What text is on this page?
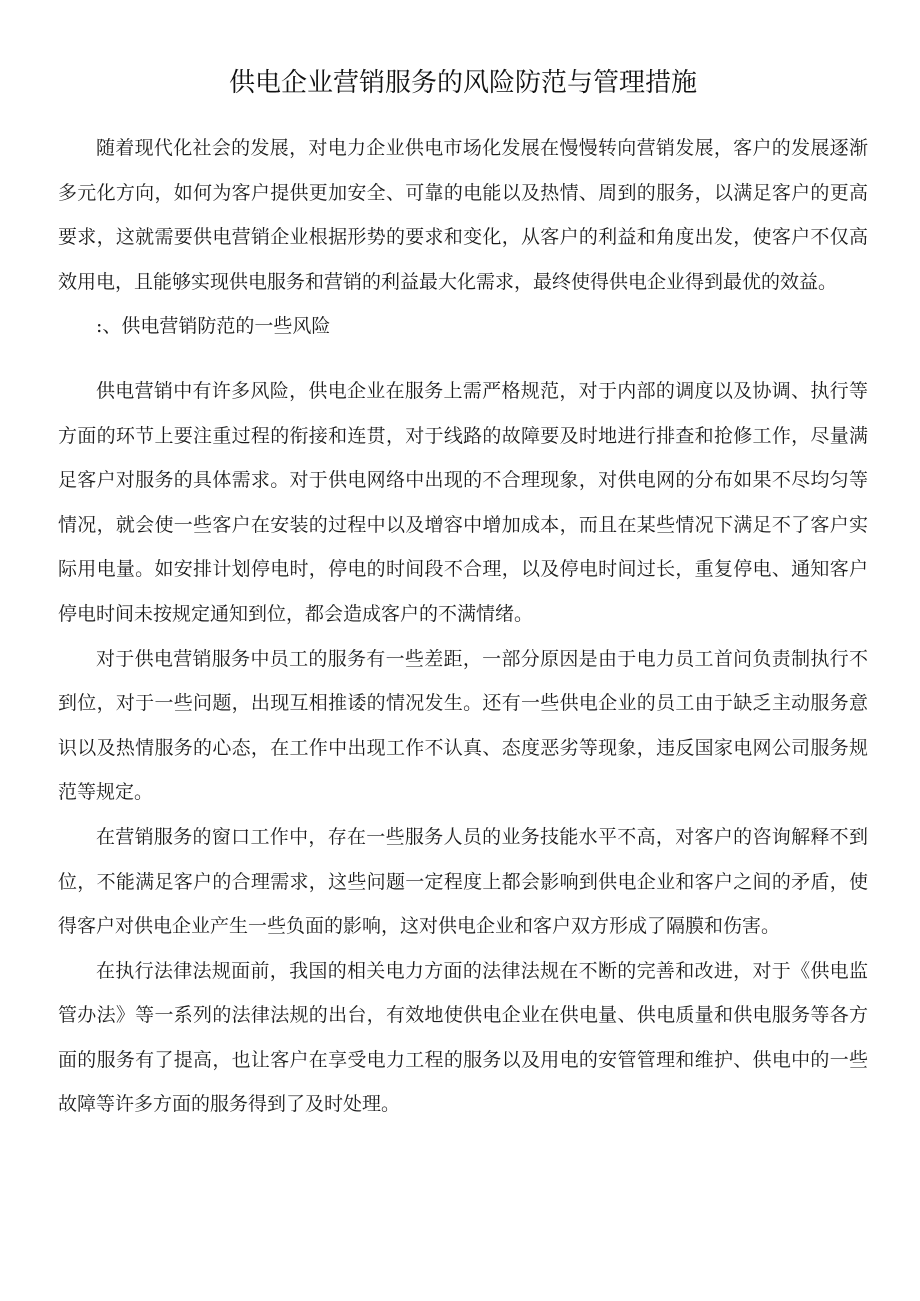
供电企业营销服务的风险防范与管理措施

随着现代化社会的发展，对电力企业供电市场化发展在慢慢转向营销发展，客户的发展逐渐多元化方向，如何为客户提供更加安全、可靠的电能以及热情、周到的服务，以满足客户的更高要求，这就需要供电营销企业根据形势的要求和变化，从客户的利益和角度出发，使客户不仅高效用电，且能够实现供电服务和营销的利益最大化需求，最终使得供电企业得到最优的效益。

:、供电营销防范的一些风险

供电营销中有许多风险，供电企业在服务上需严格规范，对于内部的调度以及协调、执行等方面的环节上要注重过程的衔接和连贯，对于线路的故障要及时地进行排查和抢修工作，尽量满足客户对服务的具体需求。对于供电网络中出现的不合理现象，对供电网的分布如果不尽均匀等情况，就会使一些客户在安装的过程中以及增容中增加成本，而且在某些情况下满足不了客户实际用电量。如安排计划停电时，停电的时间段不合理，以及停电时间过长，重复停电、通知客户停电时间未按规定通知到位，都会造成客户的不满情绪。

对于供电营销服务中员工的服务有一些差距，一部分原因是由于电力员工首问负责制执行不到位，对于一些问题，出现互相推诿的情况发生。还有一些供电企业的员工由于缺乏主动服务意识以及热情服务的心态，在工作中出现工作不认真、态度恶劣等现象，违反国家电网公司服务规范等规定。

在营销服务的窗口工作中，存在一些服务人员的业务技能水平不高，对客户的咨询解释不到位，不能满足客户的合理需求，这些问题一定程度上都会影响到供电企业和客户之间的矛盾，使得客户对供电企业产生一些负面的影响，这对供电企业和客户双方形成了隔膜和伤害。

在执行法律法规面前，我国的相关电力方面的法律法规在不断的完善和改进，对于《供电监管办法》等一系列的法律法规的出台，有效地使供电企业在供电量、供电质量和供电服务等各方面的服务有了提高，也让客户在享受电力工程的服务以及用电的安管管理和维护、供电中的一些故障等许多方面的服务得到了及时处理。
